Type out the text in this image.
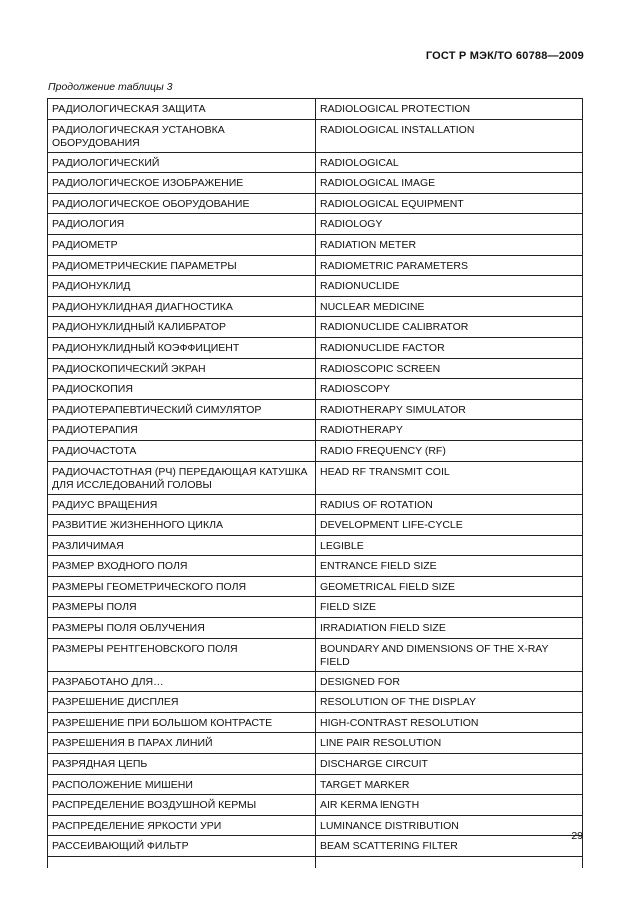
ГОСТ Р МЭК/ТО 60788—2009
Продолжение таблицы 3
РАДИОЛОГИЧЕСКАЯ ЗАЩИТА	RADIOLOGICAL PROTECTION
РАДИОЛОГИЧЕСКАЯ УСТАНОВКА ОБОРУДОВАНИЯ	RADIOLOGICAL INSTALLATION
РАДИОЛОГИЧЕСКИЙ	RADIOLOGICAL
РАДИОЛОГИЧЕСКОЕ ИЗОБРАЖЕНИЕ	RADIOLOGICAL IMAGE
РАДИОЛОГИЧЕСКОЕ ОБОРУДОВАНИЕ	RADIOLOGICAL EQUIPMENT
РАДИОЛОГИЯ	RADIOLOGY
РАДИОМЕТР	RADIATION METER
РАДИОМЕТРИЧЕСКИЕ ПАРАМЕТРЫ	RADIOMETRIC PARAMETERS
РАДИОНУКЛИД	RADIONUCLIDE
РАДИОНУКЛИДНАЯ ДИАГНОСТИКА	NUCLEAR MEDICINE
РАДИОНУКЛИДНЫЙ КАЛИБРАТОР	RADIONUCLIDE CALIBRATOR
РАДИОНУКЛИДНЫЙ КОЭФФИЦИЕНТ	RADIONUCLIDE FACTOR
РАДИОСКОПИЧЕСКИЙ ЭКРАН	RADIOSCOPIC SCREEN
РАДИОСКОПИЯ	RADIOSCOPY
РАДИОТЕРАПЕВТИЧЕСКИЙ СИМУЛЯТОР	RADIOTHERAPY SIMULATOR
РАДИОТЕРАПИЯ	RADIOTHERAPY
РАДИОЧАСТОТА	RADIO FREQUENCY (RF)
РАДИОЧАСТОТНАЯ (РЧ) ПЕРЕДАЮЩАЯ КАТУШКА ДЛЯ ИССЛЕДОВАНИЙ ГОЛОВЫ	HEAD RF TRANSMIT COIL
РАДИУС ВРАЩЕНИЯ	RADIUS OF ROTATION
РАЗВИТИЕ ЖИЗНЕННОГО ЦИКЛА	DEVELOPMENT LIFE-CYCLE
РАЗЛИЧИМАЯ	LEGIBLE
РАЗМЕР ВХОДНОГО ПОЛЯ	ENTRANCE FIELD SIZE
РАЗМЕРЫ ГЕОМЕТРИЧЕСКОГО ПОЛЯ	GEOMETRICAL FIELD SIZE
РАЗМЕРЫ ПОЛЯ	FIELD SIZE
РАЗМЕРЫ ПОЛЯ ОБЛУЧЕНИЯ	IRRADIATION FIELD SIZE
РАЗМЕРЫ РЕНТГЕНОВСКОГО ПОЛЯ	BOUNDARY AND DIMENSIONS OF THE X-RAY FIELD
РАЗРАБОТАНО ДЛЯ…	DESIGNED FOR
РАЗРЕШЕНИЕ ДИСПЛЕЯ	RESOLUTION OF THE DISPLAY
РАЗРЕШЕНИЕ ПРИ БОЛЬШОМ КОНТРАСТЕ	HIGH-CONTRAST RESOLUTION
РАЗРЕШЕНИЯ В ПАРАХ ЛИНИЙ	LINE PAIR RESOLUTION
РАЗРЯДНАЯ ЦЕПЬ	DISCHARGE CIRCUIT
РАСПОЛОЖЕНИЕ МИШЕНИ	TARGET MARKER
РАСПРЕДЕЛЕНИЕ ВОЗДУШНОЙ КЕРМЫ	AIR KERMA lENGTH
РАСПРЕДЕЛЕНИЕ ЯРКОСТИ УРИ	LUMINANCE DISTRIBUTION
РАССЕИВАЮЩИЙ ФИЛЬТР	BEAM SCATTERING FILTER

29
